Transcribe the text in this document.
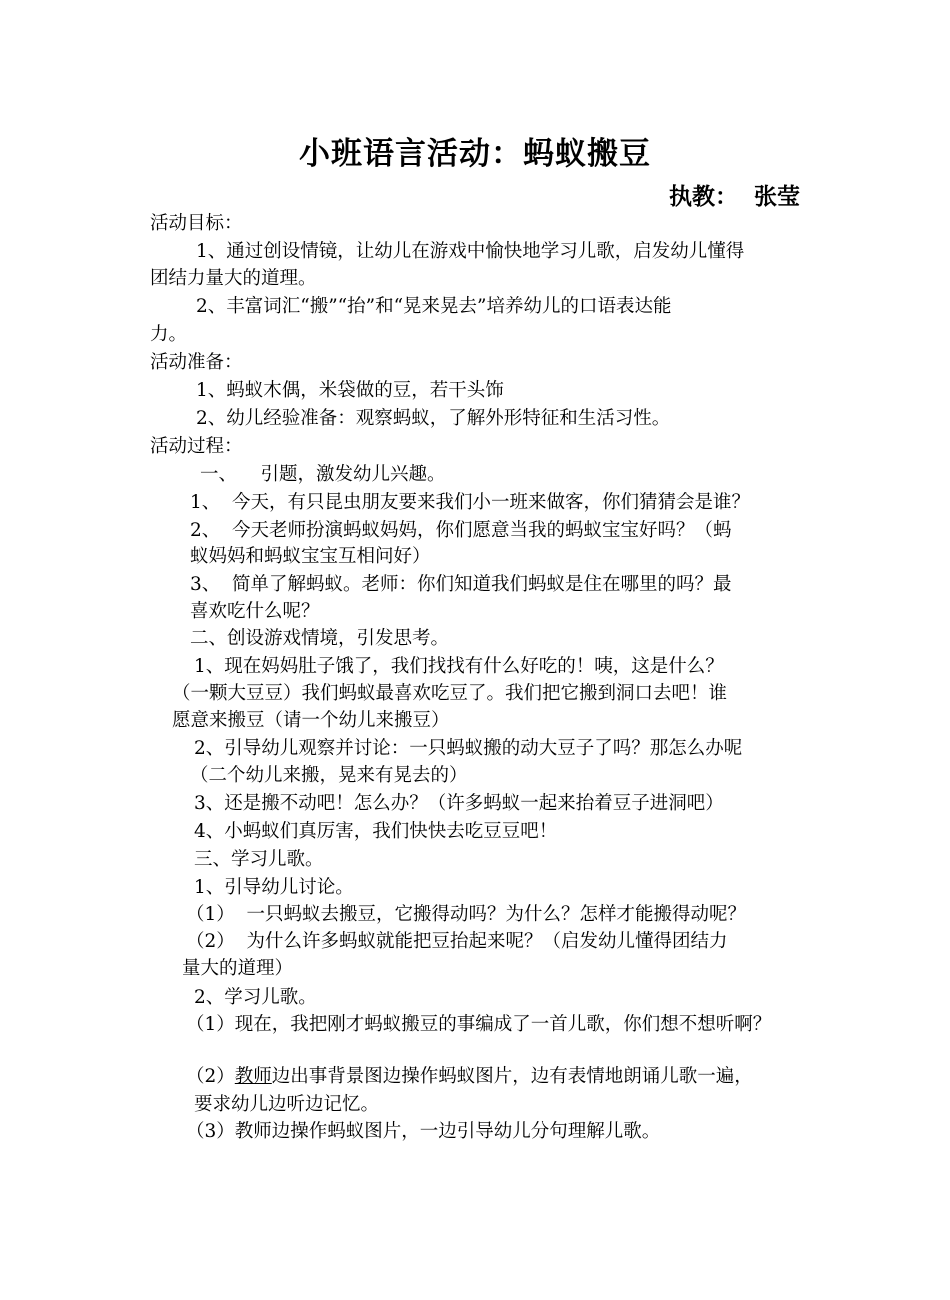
小班语言活动：蚂蚁搬豆
执教： 张莹
活动目标：
1、通过创设情镜，让幼儿在游戏中愉快地学习儿歌，启发幼儿懂得
团结力量大的道理。
2、丰富词汇“搬”“抬”和“晃来晃去”培养幼儿的口语表达能
力。
活动准备：
1、蚂蚁木偶，米袋做的豆，若干头饰
2、幼儿经验准备：观察蚂蚁，了解外形特征和生活习性。
活动过程：
一、    引题，激发幼儿兴趣。
1、  今天，有只昆虫朋友要来我们小一班来做客，你们猜猜会是谁？
2、  今天老师扮演蚂蚁妈妈，你们愿意当我的蚂蚁宝宝好吗？（蚂
蚁妈妈和蚂蚁宝宝互相问好）
3、  简单了解蚂蚁。老师：你们知道我们蚂蚁是住在哪里的吗？最
喜欢吃什么呢？
二、创设游戏情境，引发思考。
1、现在妈妈肚子饿了，我们找找有什么好吃的！咦，这是什么？
（一颗大豆豆）我们蚂蚁最喜欢吃豆了。我们把它搬到洞口去吧！谁
愿意来搬豆（请一个幼儿来搬豆）
2、引导幼儿观察并讨论：一只蚂蚁搬的动大豆子了吗？那怎么办呢
（二个幼儿来搬，晃来有晃去的）
3、还是搬不动吧！怎么办？（许多蚂蚁一起来抬着豆子进洞吧）
4、小蚂蚁们真厉害，我们快快去吃豆豆吧！
三、学习儿歌。
1、引导幼儿讨论。
（1）  一只蚂蚁去搬豆，它搬得动吗？为什么？怎样才能搬得动呢？
（2）  为什么许多蚂蚁就能把豆抬起来呢？（启发幼儿懂得团结力
量大的道理）
2、学习儿歌。
（1）现在，我把刚才蚂蚁搬豆的事编成了一首儿歌，你们想不想听啊？
（2）教师边出事背景图边操作蚂蚁图片，边有表情地朗诵儿歌一遍，
要求幼儿边听边记忆。
（3）教师边操作蚂蚁图片，一边引导幼儿分句理解儿歌。
